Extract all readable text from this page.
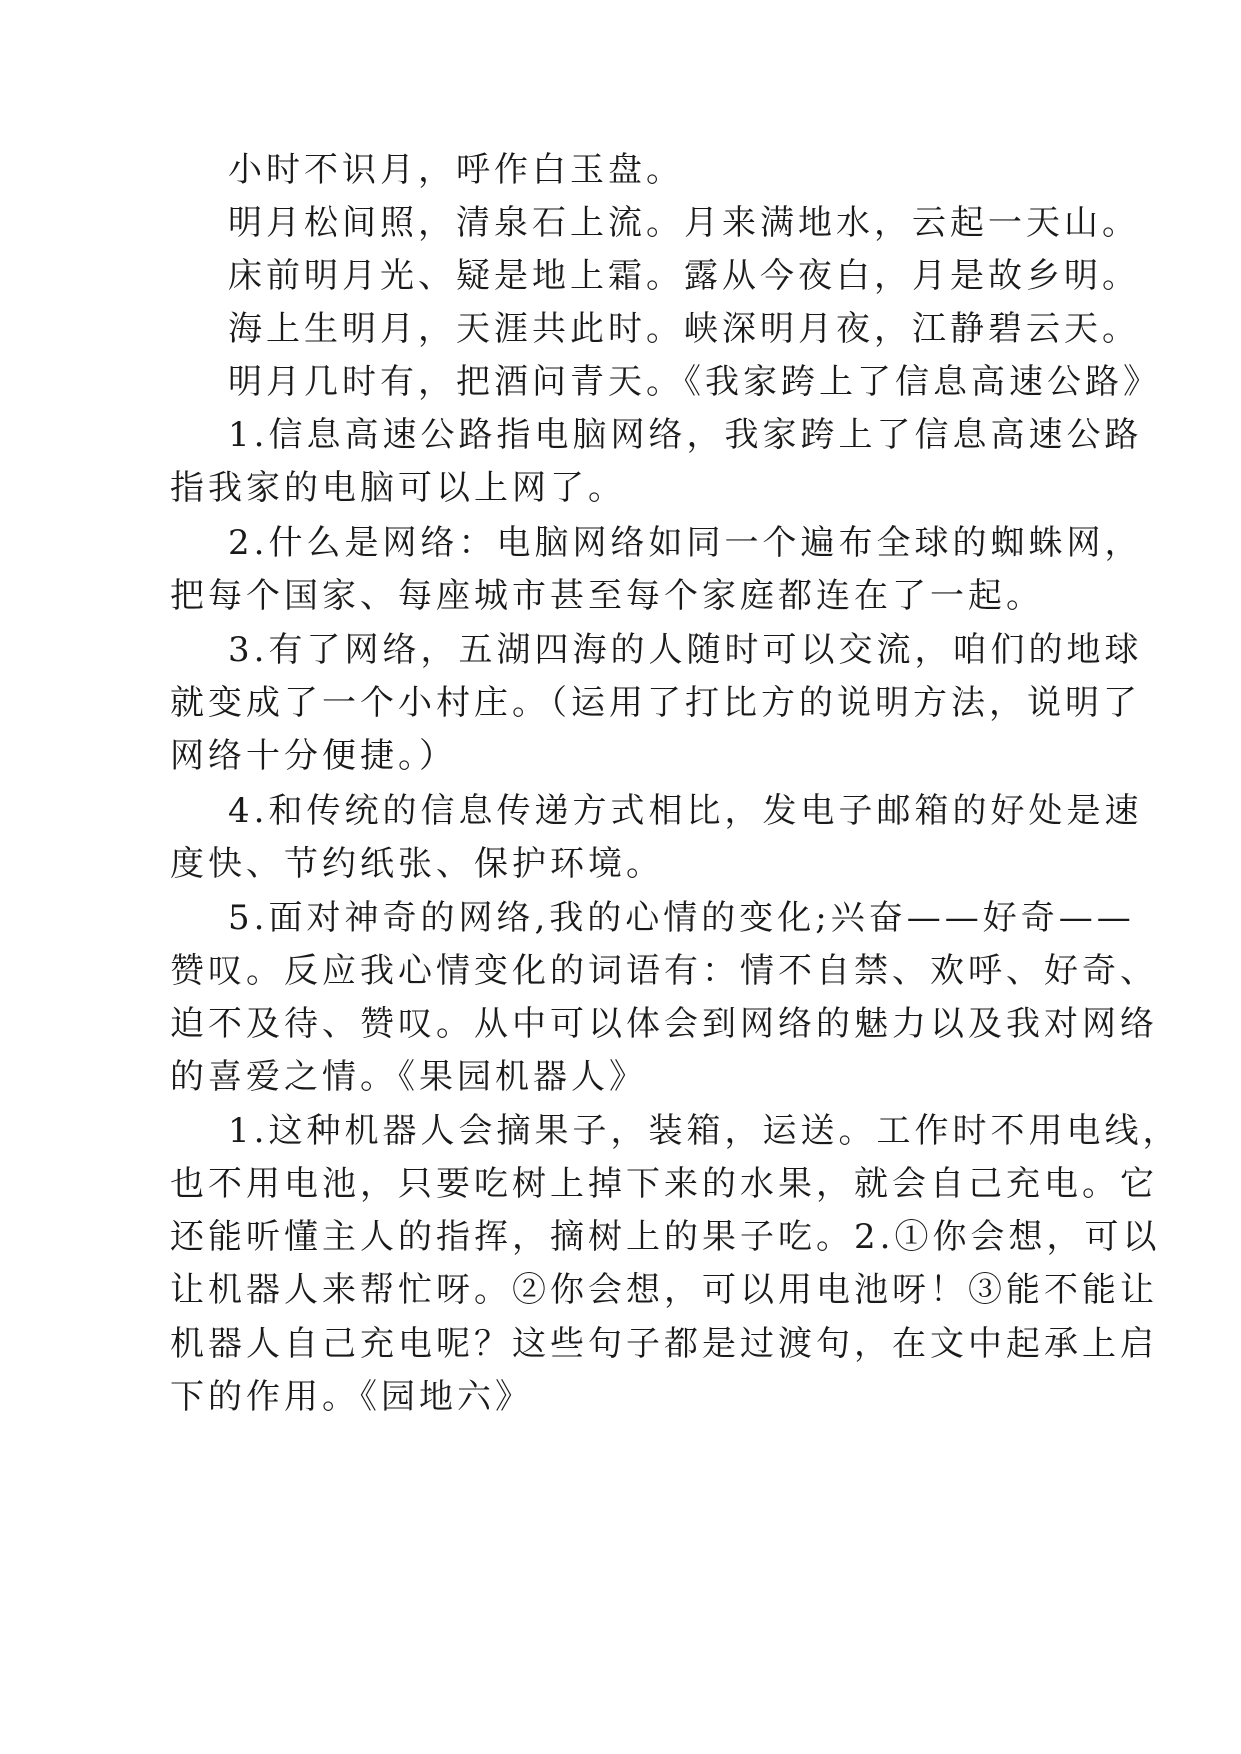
小时不识月，呼作白玉盘。
明月松间照，清泉石上流。月来满地水，云起一天山。
床前明月光、疑是地上霜。露从今夜白，月是故乡明。
海上生明月，天涯共此时。峡深明月夜，江静碧云天。
明月几时有，把酒问青天。《我家跨上了信息高速公路》
1.信息高速公路指电脑网络，我家跨上了信息高速公路
指我家的电脑可以上网了。
2.什么是网络：电脑网络如同一个遍布全球的蜘蛛网，
把每个国家、每座城市甚至每个家庭都连在了一起。
3.有了网络，五湖四海的人随时可以交流，咱们的地球
就变成了一个小村庄。（运用了打比方的说明方法，说明了
网络十分便捷。）
4.和传统的信息传递方式相比，发电子邮箱的好处是速
度快、节约纸张、保护环境。
5.面对神奇的网络,我的心情的变化;兴奋——好奇——
赞叹。反应我心情变化的词语有：情不自禁、欢呼、好奇、
迫不及待、赞叹。从中可以体会到网络的魅力以及我对网络
的喜爱之情。《果园机器人》
1.这种机器人会摘果子，装箱，运送。工作时不用电线，
也不用电池，只要吃树上掉下来的水果，就会自己充电。它
还能听懂主人的指挥，摘树上的果子吃。2.①你会想，可以
让机器人来帮忙呀。②你会想，可以用电池呀！③能不能让
机器人自己充电呢？这些句子都是过渡句，在文中起承上启
下的作用。《园地六》
